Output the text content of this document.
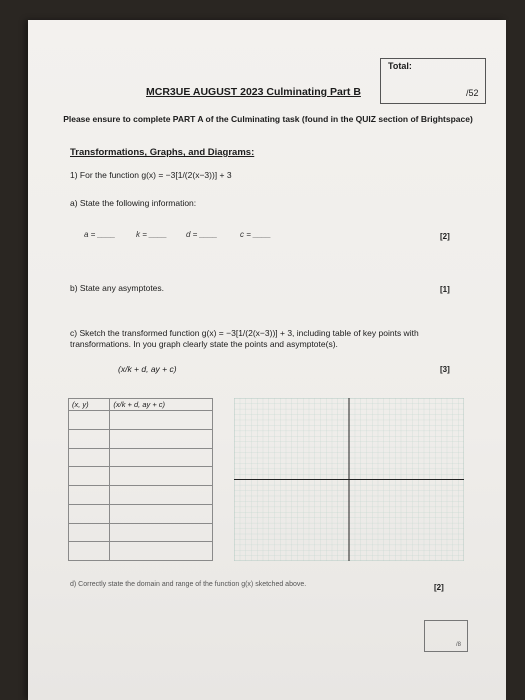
Total:
/52
MCR3UE AUGUST 2023 Culminating Part B
Please ensure to complete PART A of the Culminating task (found in the QUIZ section of Brightspace)
Transformations, Graphs, and Diagrams:
1) For the function g(x) = −3[1/(2(x−3))] + 3
a) State the following information:
a = ____	k = ____ d = ____	c = ____	[2]
b) State any asymptotes.	[1]
c) Sketch the transformed function g(x) = −3[1/(2(x−3))] + 3, including table of key points with transformations. In you graph clearly state the points and asymptote(s).
[3]
(x/k + d, ay + c)
(x, y)	(x/k + d, ay + c)

d) Correctly state the domain and range of the function g(x) sketched above.	[2]
/8
